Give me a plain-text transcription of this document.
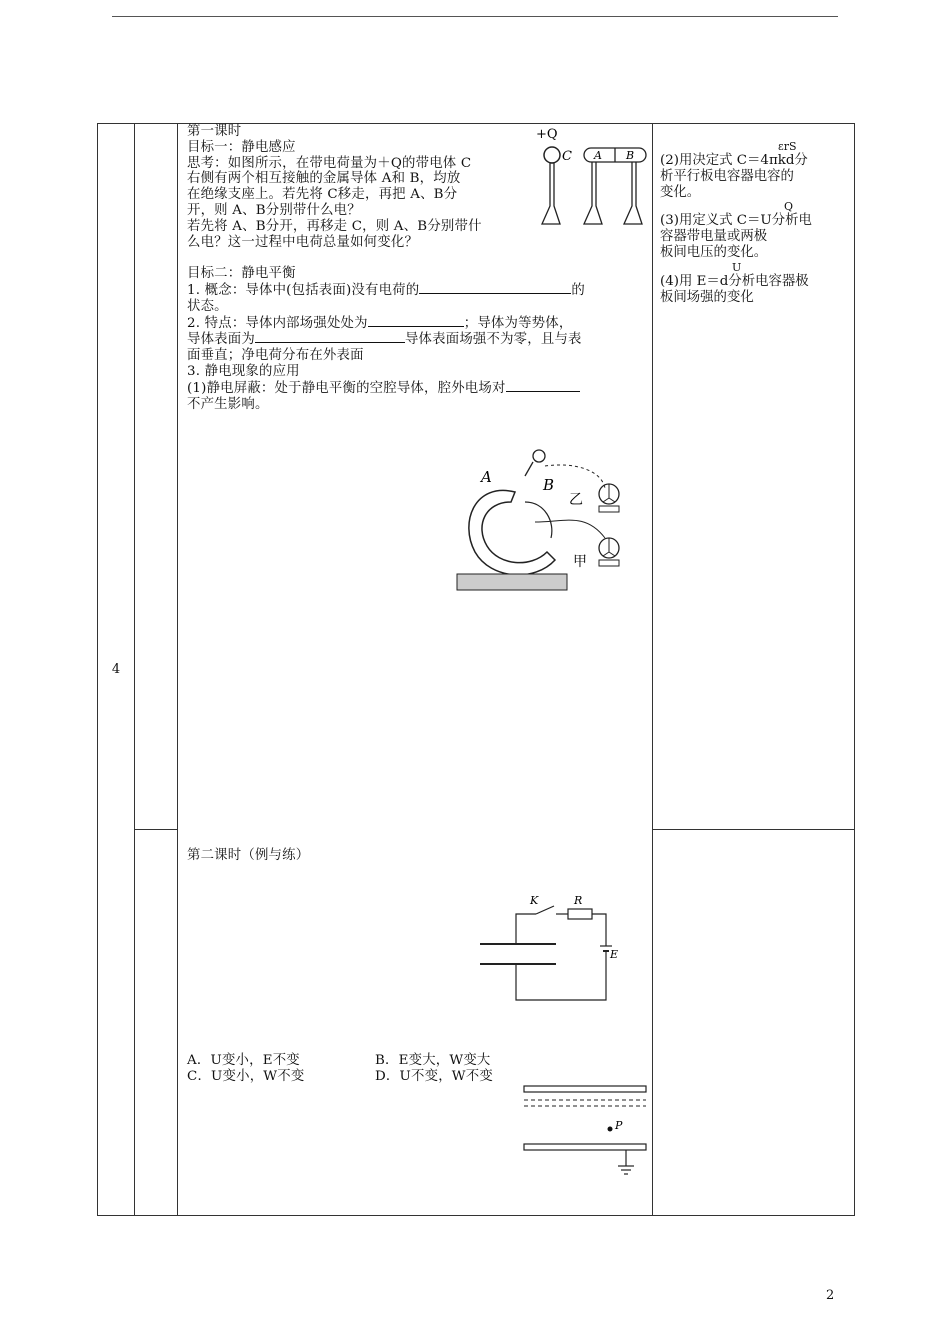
4			

第一课时

目标一：静电感应

思考：如图所示，在带电荷量为＋Q的带电体 C

右侧有两个相互接触的金属导体 A和 B，均放

在绝缘支座上。若先将 C移走，再把 A、B分

开，则 A、B分别带什么电？

若先将 A、B分开，再移走 C，则 A、B分别带什

么电？这一过程中电荷总量如何变化？

目标二：静电平衡

1. 概念：导体中(包括表面)没有电荷的	的

状态。

2. 特点：导体内部场强处处为	；导体为等势体，

导体表面为	导体表面场强不为零，且与表

面垂直；净电荷分布在外表面

3. 静电现象的应用

(1)静电屏蔽：处于静电平衡的空腔导体，腔外电场对

不产生影响。

第二课时（例与练）

A．U变小，E不变	B．E变大，W变大

C．U变小，W不变	D．U不变，W不变

εrS

(2)用决定式 C＝4πkd分

析平行板电容器电容的

变化。

Q

(3)用定义式 C＝U分析电

容器带电量或两极

板间电压的变化。

U

(4)用 E＝d分析电容器极

板间场强的变化

+Q
C A B
A	B
乙
甲
K	R
E
P
2
